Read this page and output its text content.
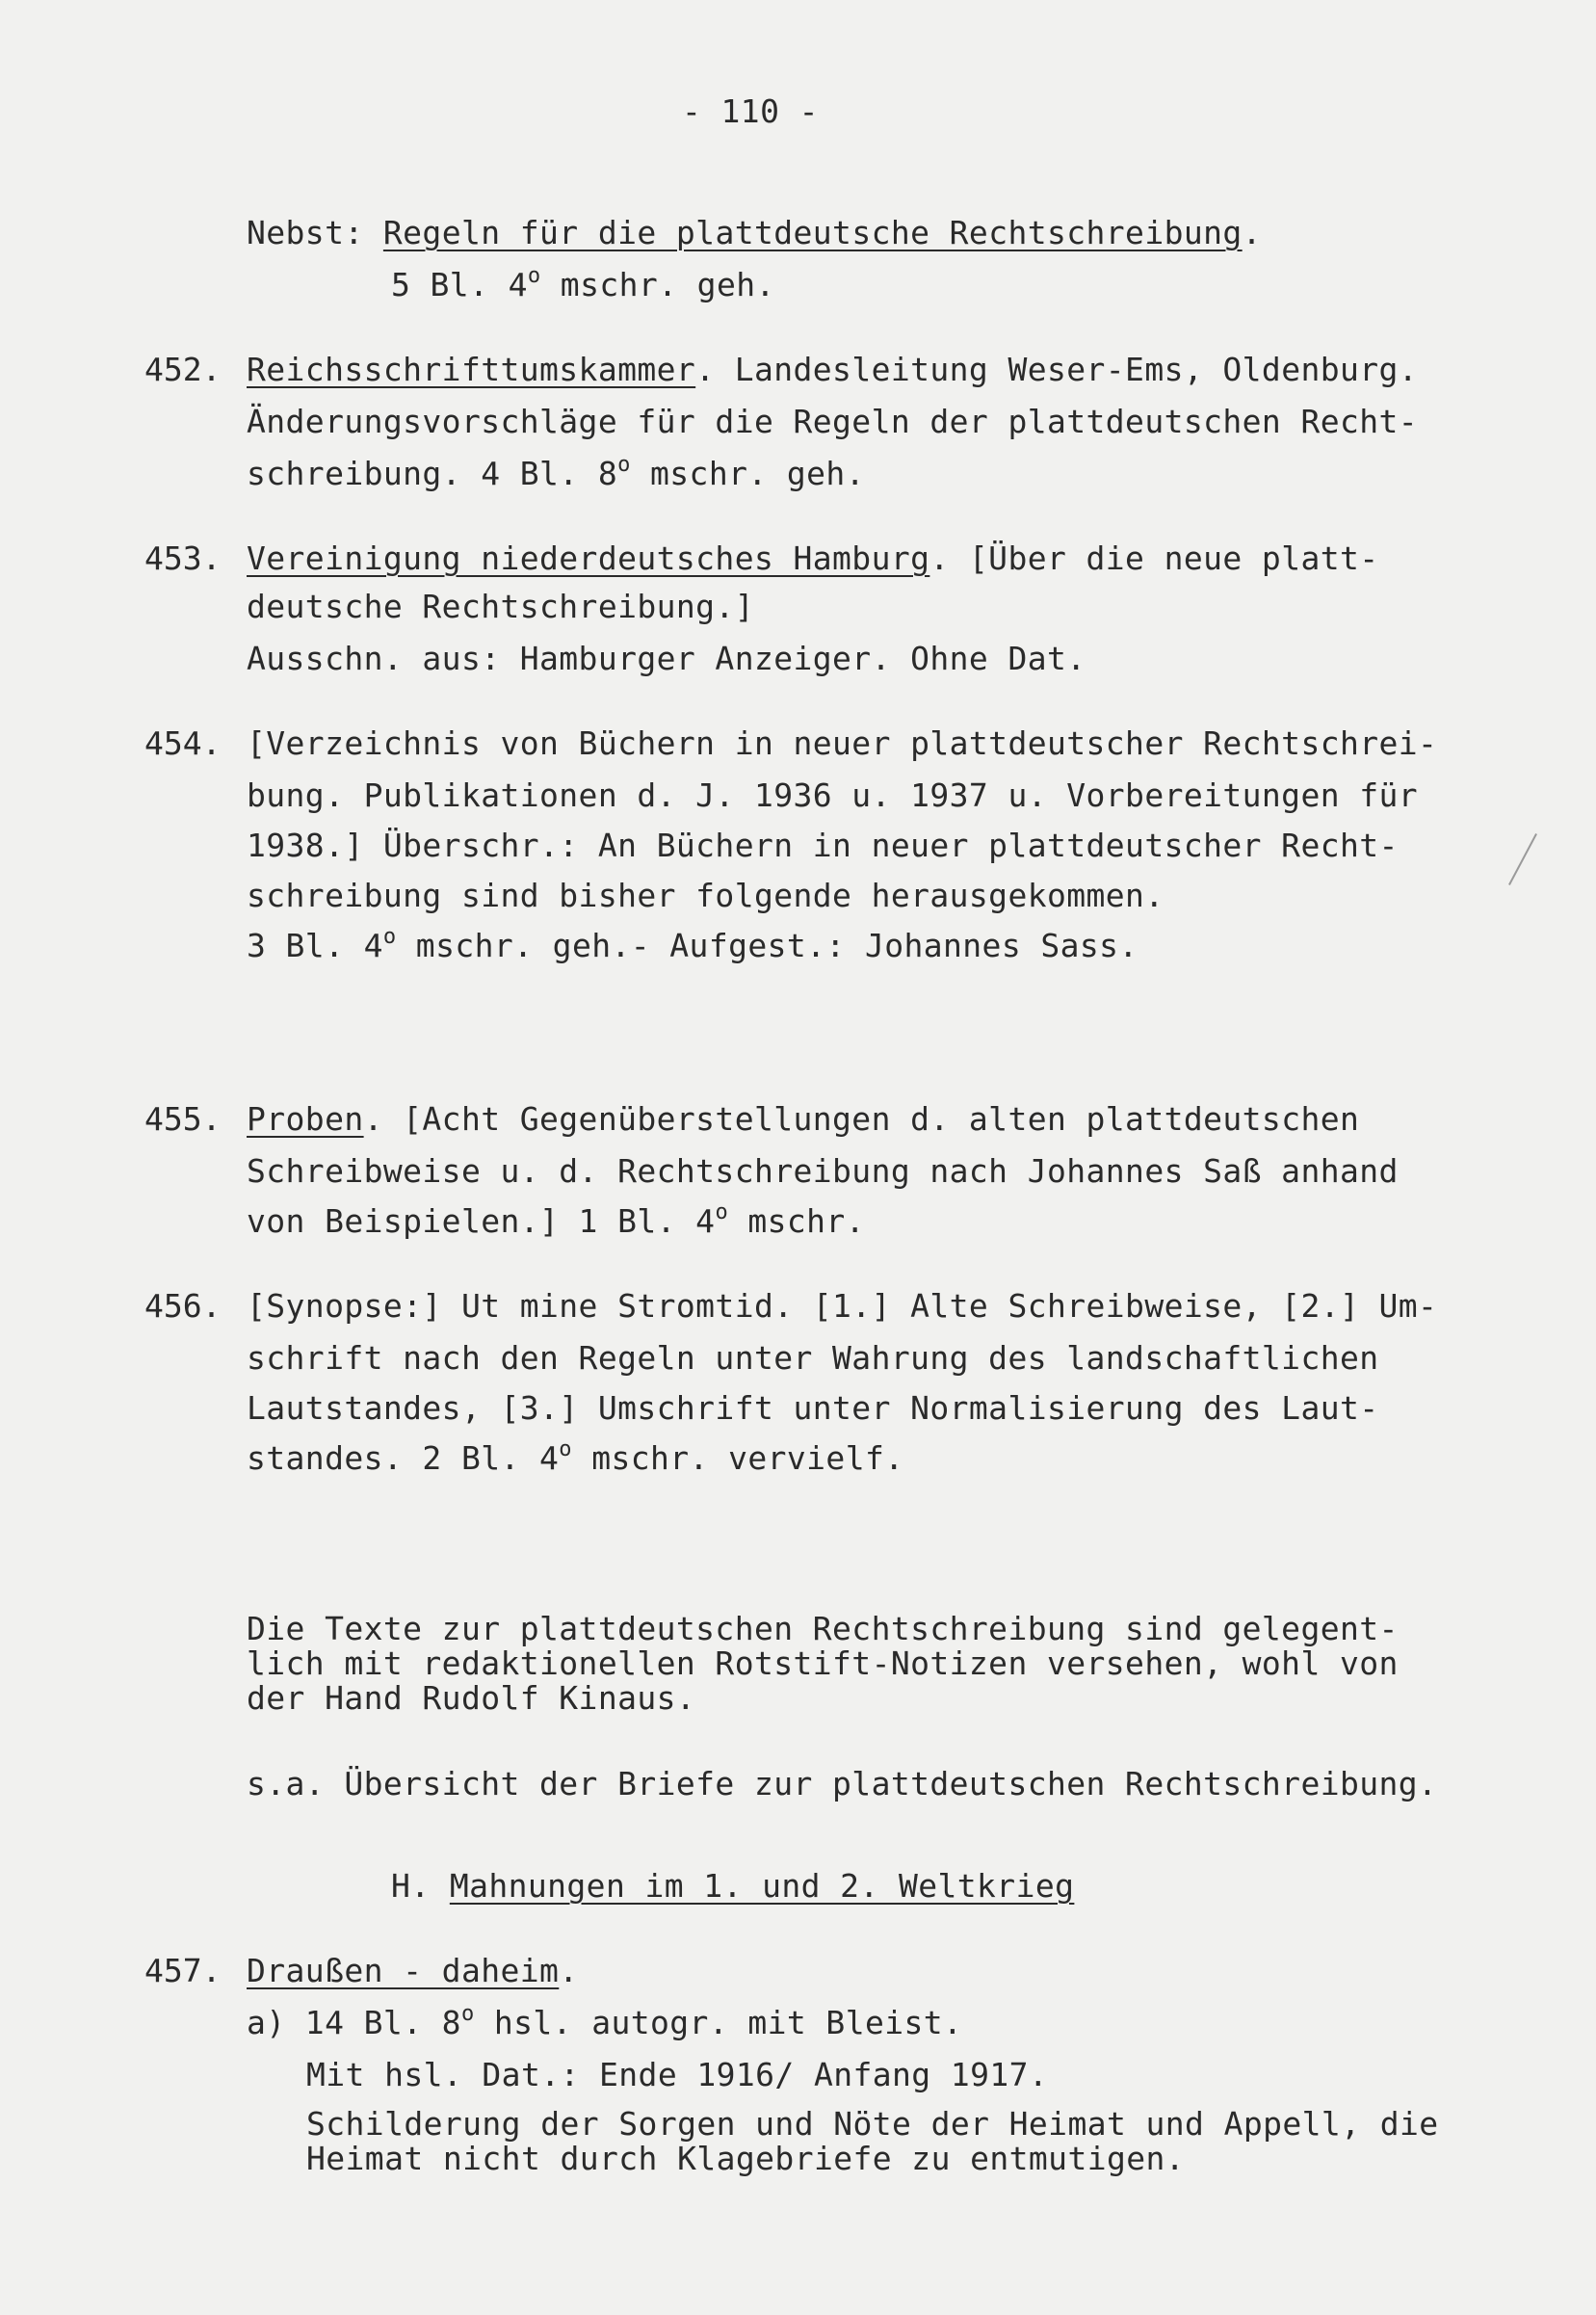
- 110 -
Nebst: Regeln für die plattdeutsche Rechtschreibung.
5 Bl. 4$^o$ mschr. geh.
452. Reichsschrifttumskammer. Landesleitung Weser-Ems, Oldenburg.
Änderungsvorschläge für die Regeln der plattdeutschen Recht-
schreibung. 4 Bl. 8$^o$ mschr. geh.
453. Vereinigung niederdeutsches Hamburg. [Über die neue platt-
deutsche Rechtschreibung.]
Ausschn. aus: Hamburger Anzeiger. Ohne Dat.
454. [Verzeichnis von Büchern in neuer plattdeutscher Rechtschrei-
bung. Publikationen d. J. 1936 u. 1937 u. Vorbereitungen für
1938.] Überschr.: An Büchern in neuer plattdeutscher Recht-
schreibung sind bisher folgende herausgekommen.
3 Bl. 4$^o$ mschr. geh.- Aufgest.: Johannes Sass.
455. Proben. [Acht Gegenüberstellungen d. alten plattdeutschen
Schreibweise u. d. Rechtschreibung nach Johannes Saß anhand
von Beispielen.] 1 Bl. 4$^o$ mschr.
456. [Synopse:] Ut mine Stromtid. [1.] Alte Schreibweise, [2.] Um-
schrift nach den Regeln unter Wahrung des landschaftlichen
Lautstandes, [3.] Umschrift unter Normalisierung des Laut-
standes. 2 Bl. 4$^o$ mschr. vervielf.
Die Texte zur plattdeutschen Rechtschreibung sind gelegent-
lich mit redaktionellen Rotstift-Notizen versehen, wohl von
der Hand Rudolf Kinaus.
s.a. Übersicht der Briefe zur plattdeutschen Rechtschreibung.
H. Mahnungen im 1. und 2. Weltkrieg
457. Draußen - daheim.
a) 14 Bl. 8$^o$ hsl. autogr. mit Bleist.
Mit hsl. Dat.: Ende 1916/ Anfang 1917.
Schilderung der Sorgen und Nöte der Heimat und Appell, die
Heimat nicht durch Klagebriefe zu entmutigen.
